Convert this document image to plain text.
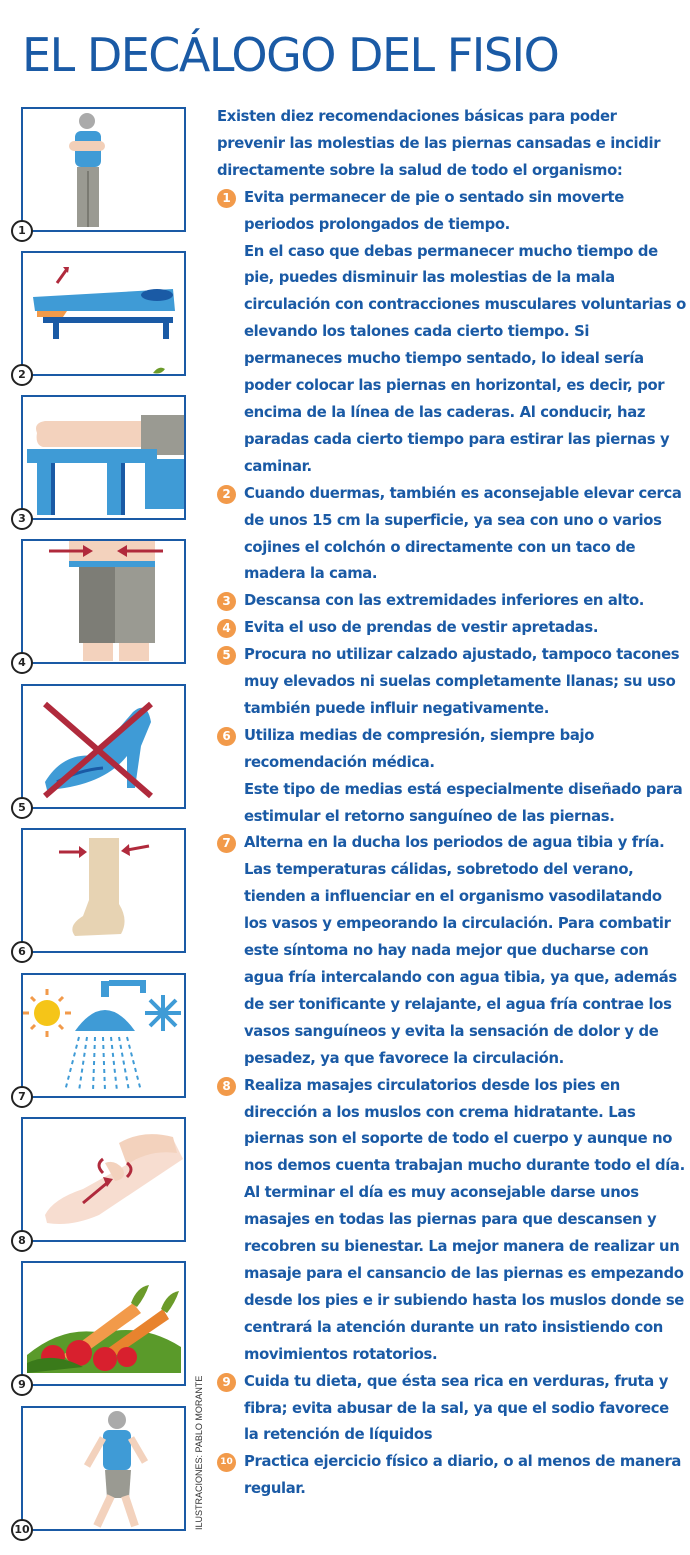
EL DECÁLOGO DEL FISIO
1
2
3
4
5
6
7
8
9
10	ILUSTRACIONES: PABLO MORANTE

Existen diez recomendaciones básicas para poder prevenir las molestias de las piernas cansadas e incidir directamente sobre la salud de todo el organismo:

1 Evita permanecer de pie o sentado sin moverte periodos prolongados de tiempo.
En el caso que debas permanecer mucho tiempo de pie, puedes disminuir las molestias de la mala circulación con contracciones musculares voluntarias o elevando los talones cada cierto tiempo. Si permaneces mucho tiempo sentado, lo ideal sería poder colocar las piernas en horizontal, es decir, por encima de la línea de las caderas. Al conducir, haz paradas cada cierto tiempo para estirar las piernas y caminar.
2 Cuando duermas, también es aconsejable elevar cerca de unos 15 cm la superficie, ya sea con uno o varios cojines el colchón o directamente con un taco de madera la cama.
3 Descansa con las extremidades inferiores en alto.
4 Evita el uso de prendas de vestir apretadas.
5 Procura no utilizar calzado ajustado, tampoco tacones muy elevados ni suelas completamente llanas; su uso también puede influir negativamente.
6 Utiliza medias de compresión, siempre bajo recomendación médica.
Este tipo de medias está especialmente diseñado para estimular el retorno sanguíneo de las piernas.
7 Alterna en la ducha los periodos de agua tibia y fría. Las temperaturas cálidas, sobretodo del verano, tienden a influenciar en el organismo vasodilatando los vasos y empeorando la circulación. Para combatir este síntoma no hay nada mejor que ducharse con agua fría intercalando con agua tibia, ya que, además de ser tonificante y relajante, el agua fría contrae los vasos sanguíneos y evita la sensación de dolor y de pesadez, ya que favorece la circulación.
8 Realiza masajes circulatorios desde los pies en dirección a los muslos con crema hidratante. Las piernas son el soporte de todo el cuerpo y aunque no nos demos cuenta trabajan mucho durante todo el día. Al terminar el día es muy aconsejable darse unos masajes en todas las piernas para que descansen y recobren su bienestar. La mejor manera de realizar un masaje para el cansancio de las piernas es empezando desde los pies e ir subiendo hasta los muslos donde se centrará la atención durante un rato insistiendo con movimientos rotatorios.
9 Cuida tu dieta, que ésta sea rica en verduras, fruta y fibra; evita abusar de la sal, ya que el sodio favorece la retención de líquidos
10 Practica ejercicio físico a diario, o al menos de manera regular.
